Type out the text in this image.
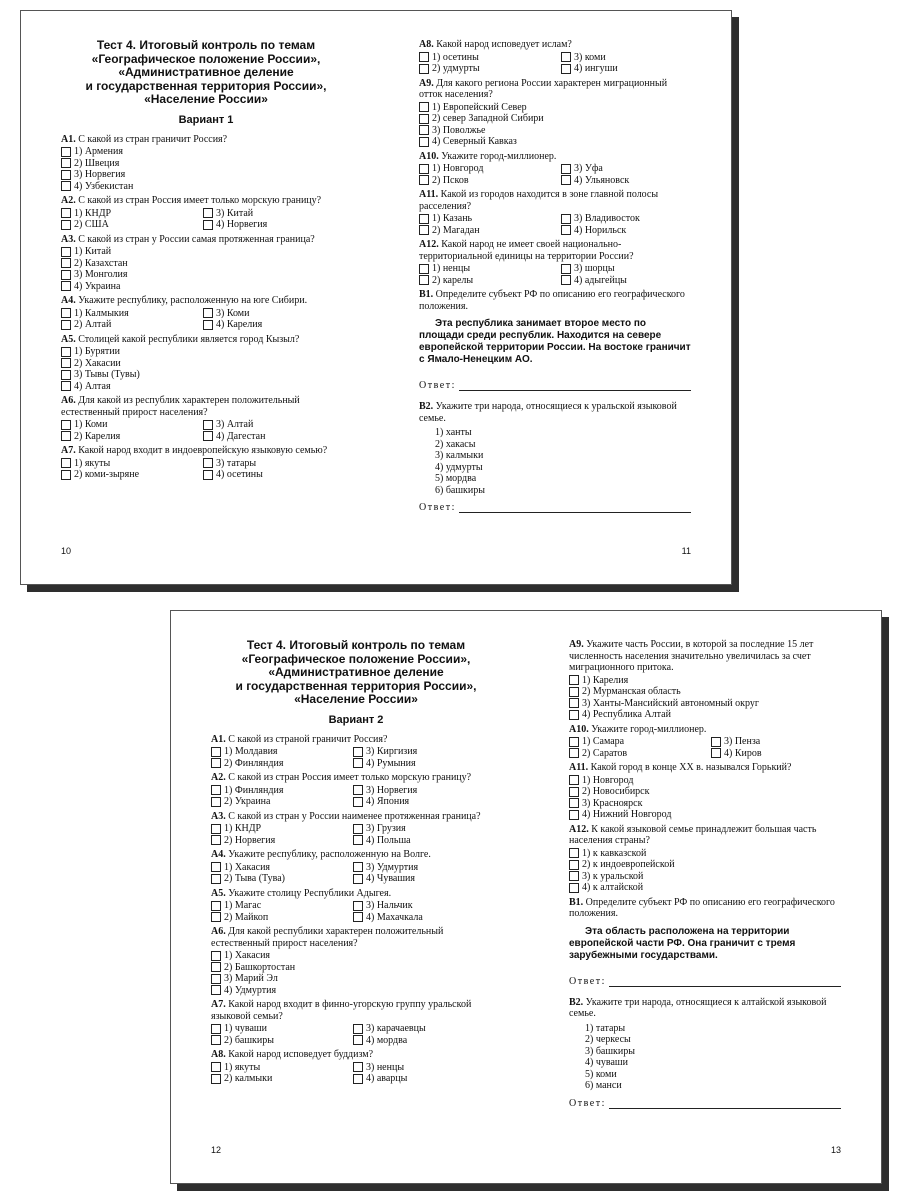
Тест 4. Итоговый контроль по темам
«Географическое положение России»,
«Административное деление
и государственная территория России»,
«Население России»
Вариант 1
А1. С какой из стран граничит Россия?
1) Армения
2) Швеция
3) Норвегия
4) Узбекистан
А2. С какой из стран Россия имеет только морскую границу?
1) КНДР	3) Китай
2) США	4) Норвегия
А3. С какой из стран у России самая протяженная граница?
1) Китай
2) Казахстан
3) Монголия
4) Украина
А4. Укажите республику, расположенную на юге Сибири.
1) Калмыкия	3) Коми
2) Алтай	4) Карелия
А5. Столицей какой республики является город Кызыл?
1) Бурятии
2) Хакасии
3) Тывы (Тувы)
4) Алтая
А6. Для какой из республик характерен положительный естественный прирост населения?
1) Коми	3) Алтай
2) Карелия	4) Дагестан
А7. Какой народ входит в индоевропейскую языковую семью?
1) якуты	3) татары
2) коми-зыряне	4) осетины
10
А8. Какой народ исповедует ислам?
1) осетины	3) коми
2) удмурты	4) ингуши
А9. Для какого региона России характерен миграционный отток населения?
1) Европейский Север
2) север Западной Сибири
3) Поволжье
4) Северный Кавказ
А10. Укажите город-миллионер.
1) Новгород	3) Уфа
2) Псков	4) Ульяновск
А11. Какой из городов находится в зоне главной полосы расселения?
1) Казань	3) Владивосток
2) Магадан	4) Норильск
А12. Какой народ не имеет своей национально-территориальной единицы на территории России?
1) ненцы	3) шорцы
2) карелы	4) адыгейцы
В1. Определите субъект РФ по описанию его географического положения.
Эта республика занимает второе место по площади среди республик. Находится на севере европейской территории России. На востоке граничит с Ямало-Ненецким АО.
Ответ:
В2. Укажите три народа, относящиеся к уральской языковой семье.
1) ханты
2) хакасы
3) калмыки
4) удмурты
5) мордва
6) башкиры
Ответ:
11
Тест 4. Итоговый контроль по темам
«Географическое положение России»,
«Административное деление
и государственная территория России»,
«Население России»
Вариант 2
А1. С какой из страной граничит Россия?
1) Молдавия	3) Киргизия
2) Финляндия	4) Румыния
А2. С какой из стран Россия имеет только морскую границу?
1) Финляндия	3) Норвегия
2) Украина	4) Япония
А3. С какой из стран у России наименее протяженная граница?
1) КНДР	3) Грузия
2) Норвегия	4) Польша
А4. Укажите республику, расположенную на Волге.
1) Хакасия	3) Удмуртия
2) Тыва (Тува)	4) Чувашия
А5. Укажите столицу Республики Адыгея.
1) Магас	3) Нальчик
2) Майкоп	4) Махачкала
А6. Для какой республики характерен положительный естественный прирост населения?
1) Хакасия
2) Башкортостан
3) Марий Эл
4) Удмуртия
А7. Какой народ входит в финно-угорскую группу уральской языковой семьи?
1) чуваши	3) карачаевцы
2) башкиры	4) мордва
А8. Какой народ исповедует буддизм?
1) якуты	3) ненцы
2) калмыки	4) аварцы
12
А9. Укажите часть России, в которой за последние 15 лет численность населения значительно увеличилась за счет миграционного притока.
1) Карелия
2) Мурманская область
3) Ханты-Мансийский автономный округ
4) Республика Алтай
А10. Укажите город-миллионер.
1) Самара	3) Пенза
2) Саратов	4) Киров
А11. Какой город в конце XX в. назывался Горький?
1) Новгород
2) Новосибирск
3) Красноярск
4) Нижний Новгород
А12. К какой языковой семье принадлежит большая часть населения страны?
1) к кавказской
2) к индоевропейской
3) к уральской
4) к алтайской
В1. Определите субъект РФ по описанию его географического положения.
Эта область расположена на территории европейской части РФ. Она граничит с тремя зарубежными государствами.
Ответ:
В2. Укажите три народа, относящиеся к алтайской языковой семье.
1) татары
2) черкесы
3) башкиры
4) чуваши
5) коми
6) манси
Ответ:
13
